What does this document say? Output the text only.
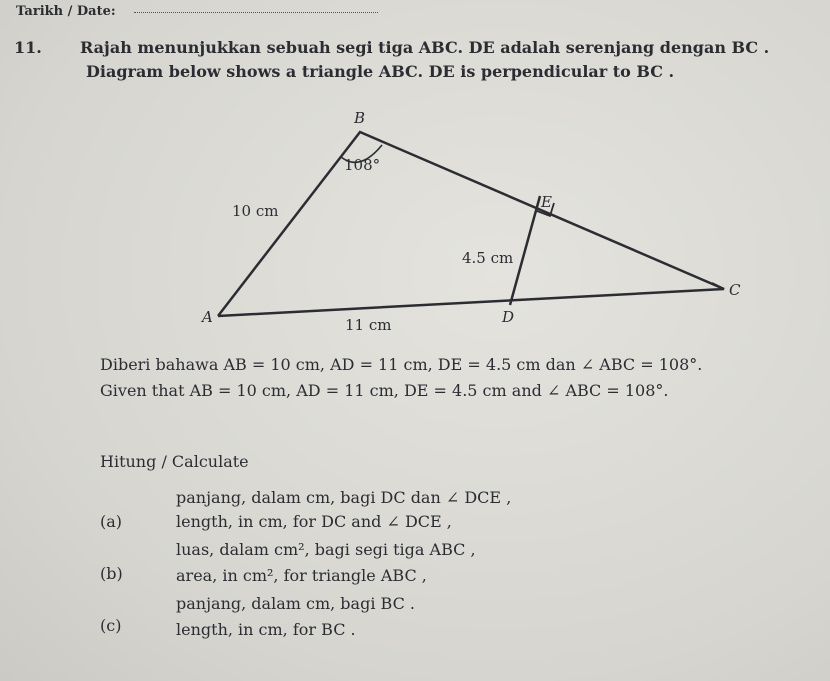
Tarikh / Date:
11. Rajah menunjukkan sebuah segi tiga ABC. DE adalah serenjang dengan BC .
Diagram below shows a triangle ABC. DE is perpendicular to BC .
B
108°
E
10 cm
4.5 cm
C
A	11 cm	D
Diberi bahawa AB = 10 cm, AD = 11 cm, DE = 4.5 cm dan ∠ ABC = 108°.
Given that AB = 10 cm, AD = 11 cm, DE = 4.5 cm and ∠ ABC = 108°.
Hitung / Calculate
(a)
panjang, dalam cm, bagi DC dan ∠ DCE ,
length, in cm, for DC and ∠ DCE ,
(b)
luas, dalam cm², bagi segi tiga ABC ,
area, in cm², for triangle ABC ,
(c)
panjang, dalam cm, bagi BC .
length, in cm, for BC .
